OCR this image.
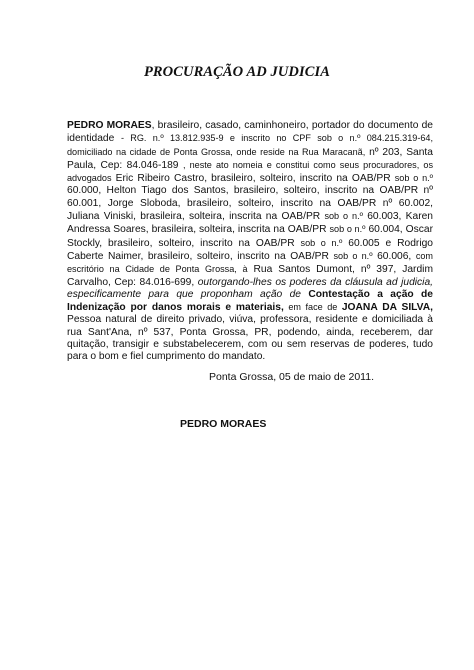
PROCURAÇÃO AD JUDICIA
PEDRO MORAES, brasileiro, casado, caminhoneiro, portador do documento de identidade - RG. n.º 13.812.935-9 e inscrito no CPF sob o n.º 084.215.319-64, domiciliado na cidade de Ponta Grossa, onde reside na Rua Maracanã, nº 203, Santa Paula, Cep: 84.046-189 , neste ato nomeia e constitui como seus procuradores, os advogados Eric Ribeiro Castro, brasileiro, solteiro, inscrito na OAB/PR sob o n.º 60.000, Helton Tiago dos Santos, brasileiro, solteiro, inscrito na OAB/PR nº 60.001, Jorge Sloboda, brasileiro, solteiro, inscrito na OAB/PR nº 60.002, Juliana Viniski, brasileira, solteira, inscrita na OAB/PR sob o n.º 60.003, Karen Andressa Soares, brasileira, solteira, inscrita na OAB/PR sob o n.º 60.004, Oscar Stockly, brasileiro, solteiro, inscrito na OAB/PR sob o n.º 60.005 e Rodrigo Caberte Naimer, brasileiro, solteiro, inscrito na OAB/PR sob o n.º 60.006, com escritório na Cidade de Ponta Grossa, à Rua Santos Dumont, nº 397, Jardim Carvalho, Cep: 84.016-699, outorgando-lhes os poderes da cláusula ad judicia, especificamente para que proponham ação de Contestação a ação de Indenização por danos morais e materiais, em face de JOANA DA SILVA, Pessoa natural de direito privado, viúva, professora, residente e domiciliada à rua Sant'Ana, nº 537, Ponta Grossa, PR, podendo, ainda, receberem, dar quitação, transigir e substabelecerem, com ou sem reservas de poderes, tudo para o bom e fiel cumprimento do mandato.
Ponta Grossa, 05 de maio de 2011.
PEDRO MORAES
